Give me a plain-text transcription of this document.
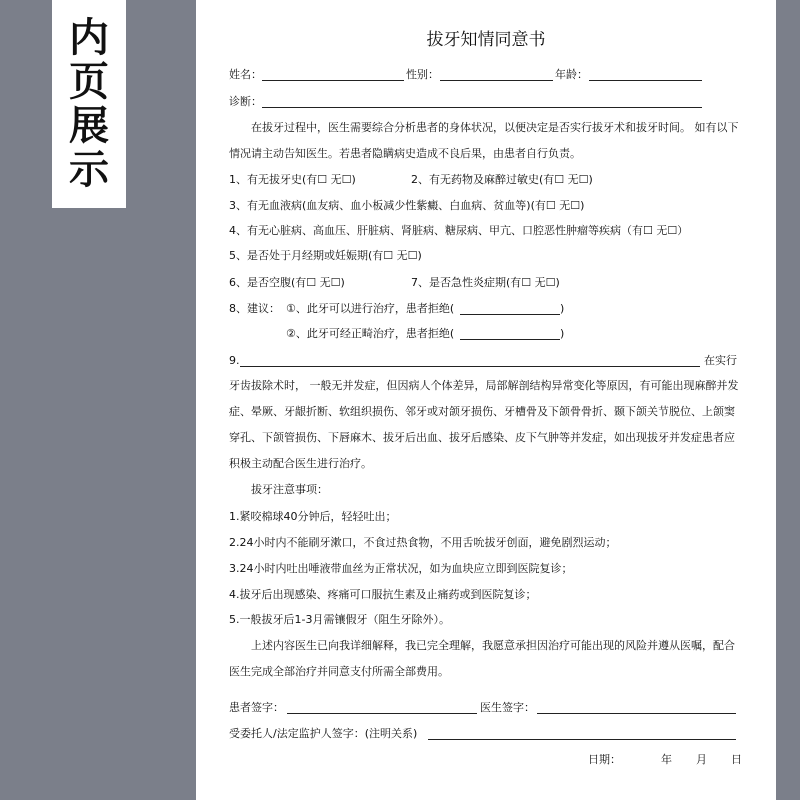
内
页
展
示
拔牙知情同意书
姓名：	性别：	年龄：
诊断：
在拔牙过程中，医生需要综合分析患者的身体状况，以便决定是否实行拔牙术和拔牙时间。 如有以下情况请主动告知医生。若患者隐瞒病史造成不良后果，由患者自行负责。
1、有无拔牙史(有☐ 无☐)	2、有无药物及麻醉过敏史(有☐ 无☐)
3、有无血液病(血友病、血小板减少性紫癜、白血病、贫血等)(有☐ 无☐)
4、有无心脏病、高血压、肝脏病、肾脏病、糖尿病、甲亢、口腔恶性肿瘤等疾病（有☐ 无☐）
5、是否处于月经期或妊娠期(有☐ 无☐)
6、是否空腹(有☐ 无☐)	7、是否急性炎症期(有☐ 无☐)
8、建议： ①、此牙可以进行治疗，患者拒绝(	)
②、此牙可经正畸治疗，患者拒绝(	)
9.	在实行
牙齿拔除术时， 一般无并发症，但因病人个体差异，局部解剖结构异常变化等原因，有可能出现麻醉并发症、晕厥、牙龈折断、软组织损伤、邻牙或对颌牙损伤、牙槽骨及下颌骨骨折、颞下颌关节脱位、上颌窦穿孔、下颌管损伤、下唇麻木、拔牙后出血、拔牙后感染、皮下气肿等并发症，如出现拔牙并发症患者应积极主动配合医生进行治疗。
拔牙注意事项：
1.紧咬棉球40分钟后，轻轻吐出；
2.24小时内不能刷牙漱口，不食过热食物，不用舌吮拔牙创面，避免剧烈运动；
3.24小时内吐出唾液带血丝为正常状况，如为血块应立即到医院复诊；
4.拔牙后出现感染、疼痛可口服抗生素及止痛药或到医院复诊；
5.一般拔牙后1-3月需镶假牙（阻生牙除外）。
上述内容医生已向我详细解释，我已完全理解，我愿意承担因治疗可能出现的风险并遵从医嘱，配合医生完成全部治疗并同意支付所需全部费用。
患者签字：	医生签字：
受委托人/法定监护人签字：(注明关系)
日期：	年 月 日
